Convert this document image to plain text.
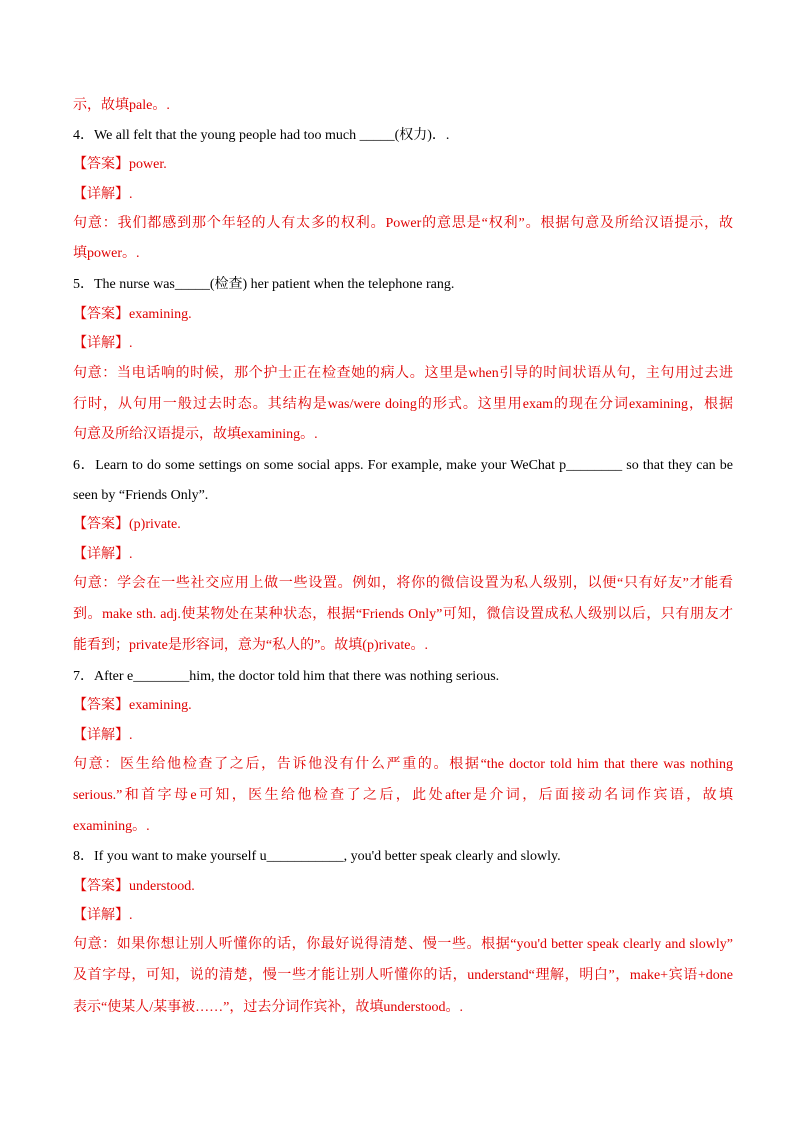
示，故填pale。.
4．We all felt that the young people had too much _____(权力)．.
【答案】power.
【详解】.
句意：我们都感到那个年轻的人有太多的权利。Power的意思是“权利”。根据句意及所给汉语提示，故
填power。.
5．The nurse was_____(检查) her patient when the telephone rang.
【答案】examining.
【详解】.
句意：当电话响的时候，那个护士正在检查她的病人。这里是when引导的时间状语从句，主句用过去进
行时，从句用一般过去时态。其结构是was/were doing的形式。这里用exam的现在分词examining，根据
句意及所给汉语提示，故填examining。.
6．Learn to do some settings on some social apps. For example, make your WeChat p________ so that they can be
seen by “Friends Only”.
【答案】(p)rivate.
【详解】.
句意：学会在一些社交应用上做一些设置。例如，将你的微信设置为私人级别，以便“只有好友”才能看
到。make sth. adj.使某物处在某种状态，根据“Friends Only”可知，微信设置成私人级别以后，只有朋友才
能看到；private是形容词，意为“私人的”。故填(p)rivate。.
7．After e________him, the doctor told him that there was nothing serious.
【答案】examining.
【详解】.
句意：医生给他检查了之后，告诉他没有什么严重的。根据“the doctor told him that there was nothing
serious.”和首字母e可知，医生给他检查了之后，此处after是介词，后面接动名词作宾语，故填
examining。.
8．If you want to make yourself u___________, you'd better speak clearly and slowly.
【答案】understood.
【详解】.
句意：如果你想让别人听懂你的话，你最好说得清楚、慢一些。根据“you'd better speak clearly and slowly”
及首字母，可知，说的清楚，慢一些才能让别人听懂你的话，understand“理解，明白”，make+宾语+done
表示“使某人/某事被……”，过去分词作宾补，故填understood。.
